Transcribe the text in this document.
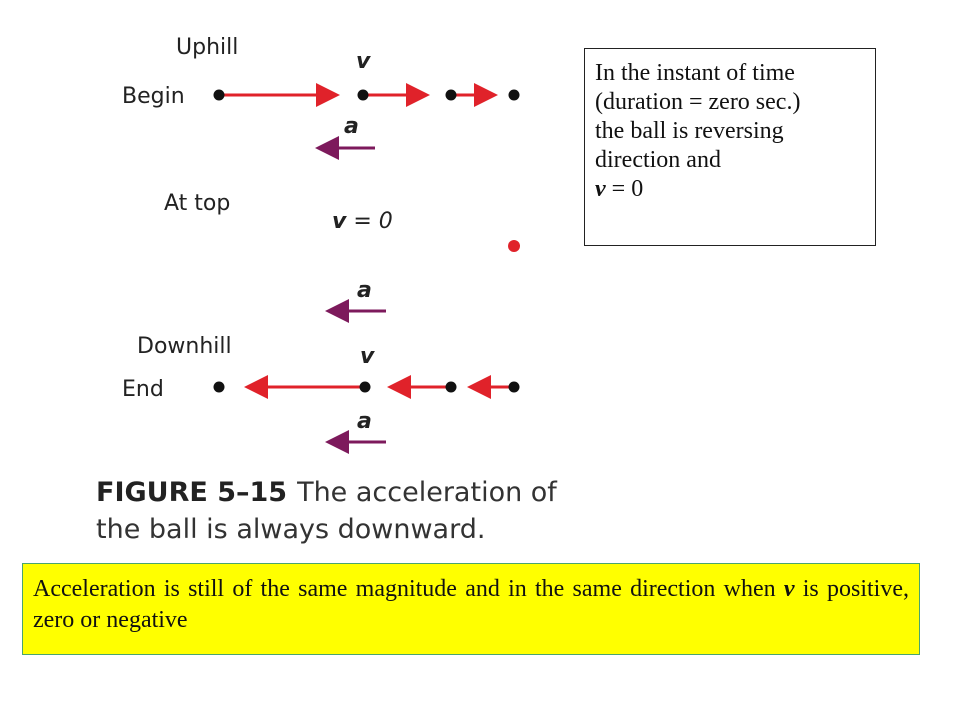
Uphill
Begin
v
a
At top
v = 0
a
Downhill	v
End
a
FIGURE 5–15 The acceleration of the ball is always downward.
In the instant of time
(duration = zero sec.)
the ball is reversing
direction and
v = 0
Acceleration is still of the same magnitude and in the same direction when v is positive, zero or negative
